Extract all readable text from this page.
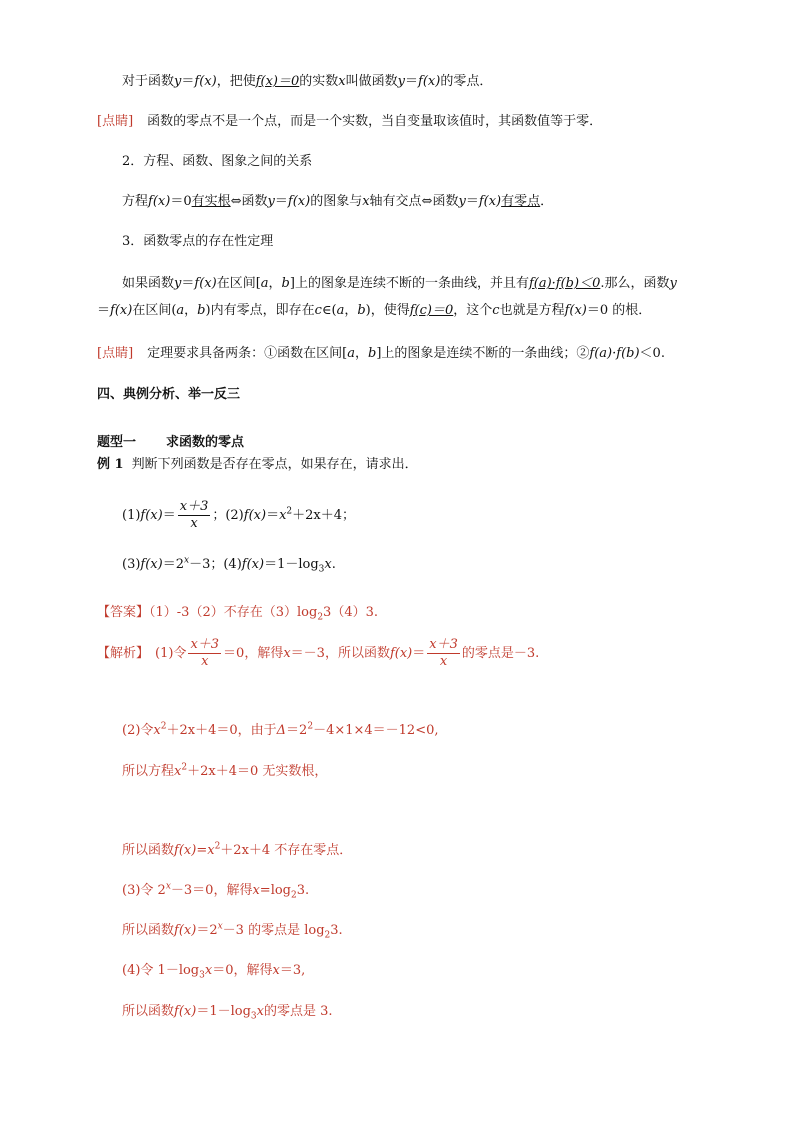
对于函数y＝f(x)，把使f(x)＝0的实数x叫做函数y＝f(x)的零点．
[点睛] 函数的零点不是一个点，而是一个实数，当自变量取该值时，其函数值等于零．
2．方程、函数、图象之间的关系
方程f(x)＝0有实根⇔函数y＝f(x)的图象与x轴有交点⇔函数y＝f(x)有零点．
3．函数零点的存在性定理
如果函数y＝f(x)在区间[a，b]上的图象是连续不断的一条曲线，并且有f(a)·f(b)＜0.那么，函数y
＝f(x)在区间(a，b)内有零点，即存在c∈(a，b)，使得f(c)＝0，这个c也就是方程f(x)＝0 的根．
[点睛] 定理要求具备两条：①函数在区间[a，b]上的图象是连续不断的一条曲线；②f(a)·f(b)＜0.
四、典例分析、举一反三
题型一 求函数的零点
例 1 判断下列函数是否存在零点，如果存在，请求出．
$(1)f(x)= \frac{x+3}{x}$ ；$(2)f(x)=x^2+2x+4$；
$(3)f(x)=2^x-3$；$(4)f(x)=1-\log_3x$.
【答案】（1）-3（2）不存在$(3)\log_23(4)3$.
【解析】 (1)令 $\frac{x+3}{x} =0$，解得x＝－3，所以函数$f(x)= \frac{x+3}{x}$ 的零点是－3.
(2)令$x^2+2x+4=0$，由于$\Delta=2^2-4\times 1\times 4=-12<0$,
所以方程$x^2+2x+4=0$ 无实数根，
所以函数$f(x)=x^2+2x+4$ 不存在零点．
(3)令 $2^x-3=0$，解得$x=\log_23$.
所以函数$f(x)=2^x-3$ 的零点是 $\log_23$.
(4)令 $1-\log_3x=0$，解得x＝3,
所以函数$f(x)=1-\log_3x$的零点是 3.
